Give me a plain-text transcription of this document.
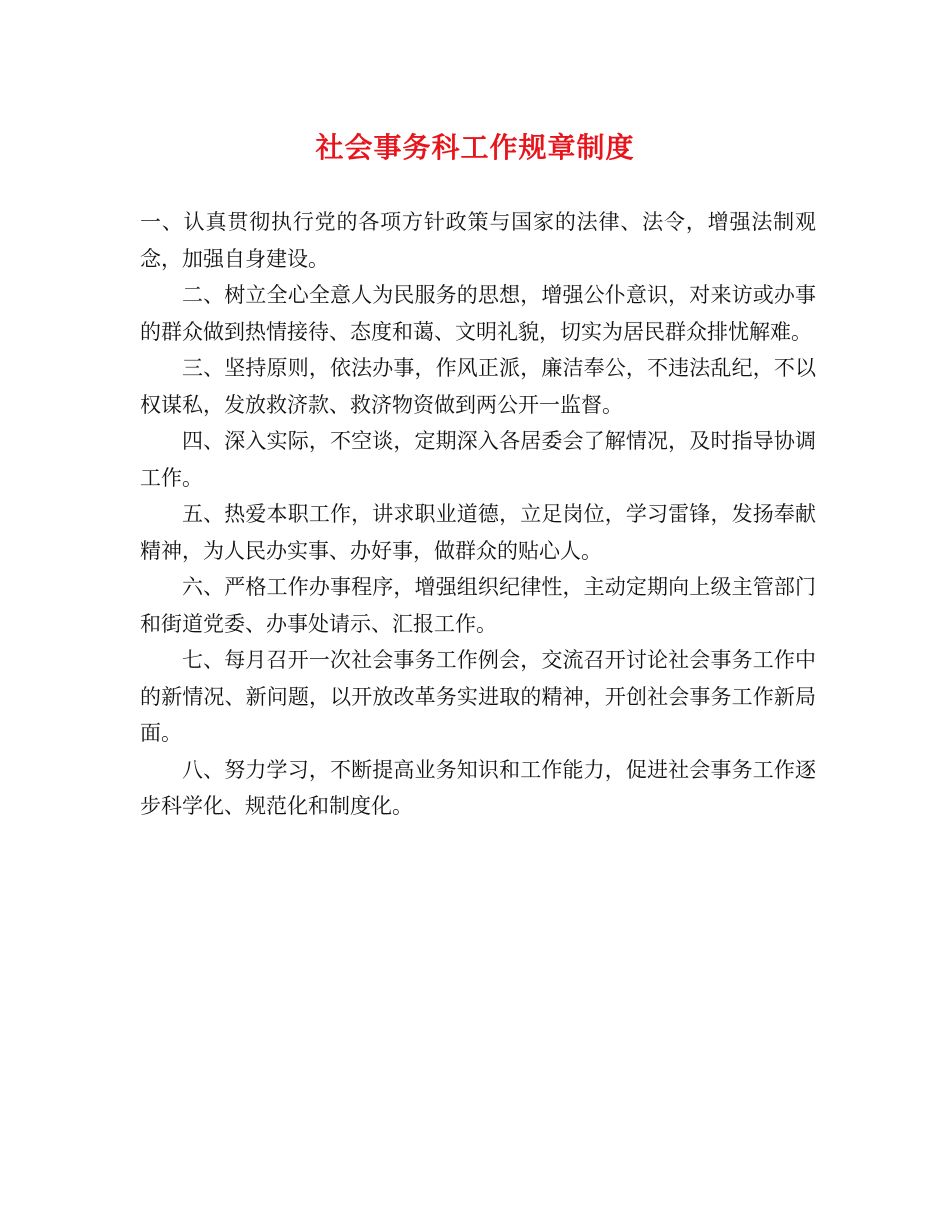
社会事务科工作规章制度

一、认真贯彻执行党的各项方针政策与国家的法律、法令，增强法制观念，加强自身建设。

二、树立全心全意人为民服务的思想，增强公仆意识，对来访或办事的群众做到热情接待、态度和蔼、文明礼貌，切实为居民群众排忧解难。

三、坚持原则，依法办事，作风正派，廉洁奉公，不违法乱纪，不以权谋私，发放救济款、救济物资做到两公开一监督。

四、深入实际，不空谈，定期深入各居委会了解情况，及时指导协调工作。

五、热爱本职工作，讲求职业道德，立足岗位，学习雷锋，发扬奉献精神，为人民办实事、办好事，做群众的贴心人。

六、严格工作办事程序，增强组织纪律性，主动定期向上级主管部门和街道党委、办事处请示、汇报工作。

七、每月召开一次社会事务工作例会，交流召开讨论社会事务工作中的新情况、新问题，以开放改革务实进取的精神，开创社会事务工作新局面。

八、努力学习，不断提高业务知识和工作能力，促进社会事务工作逐步科学化、规范化和制度化。
